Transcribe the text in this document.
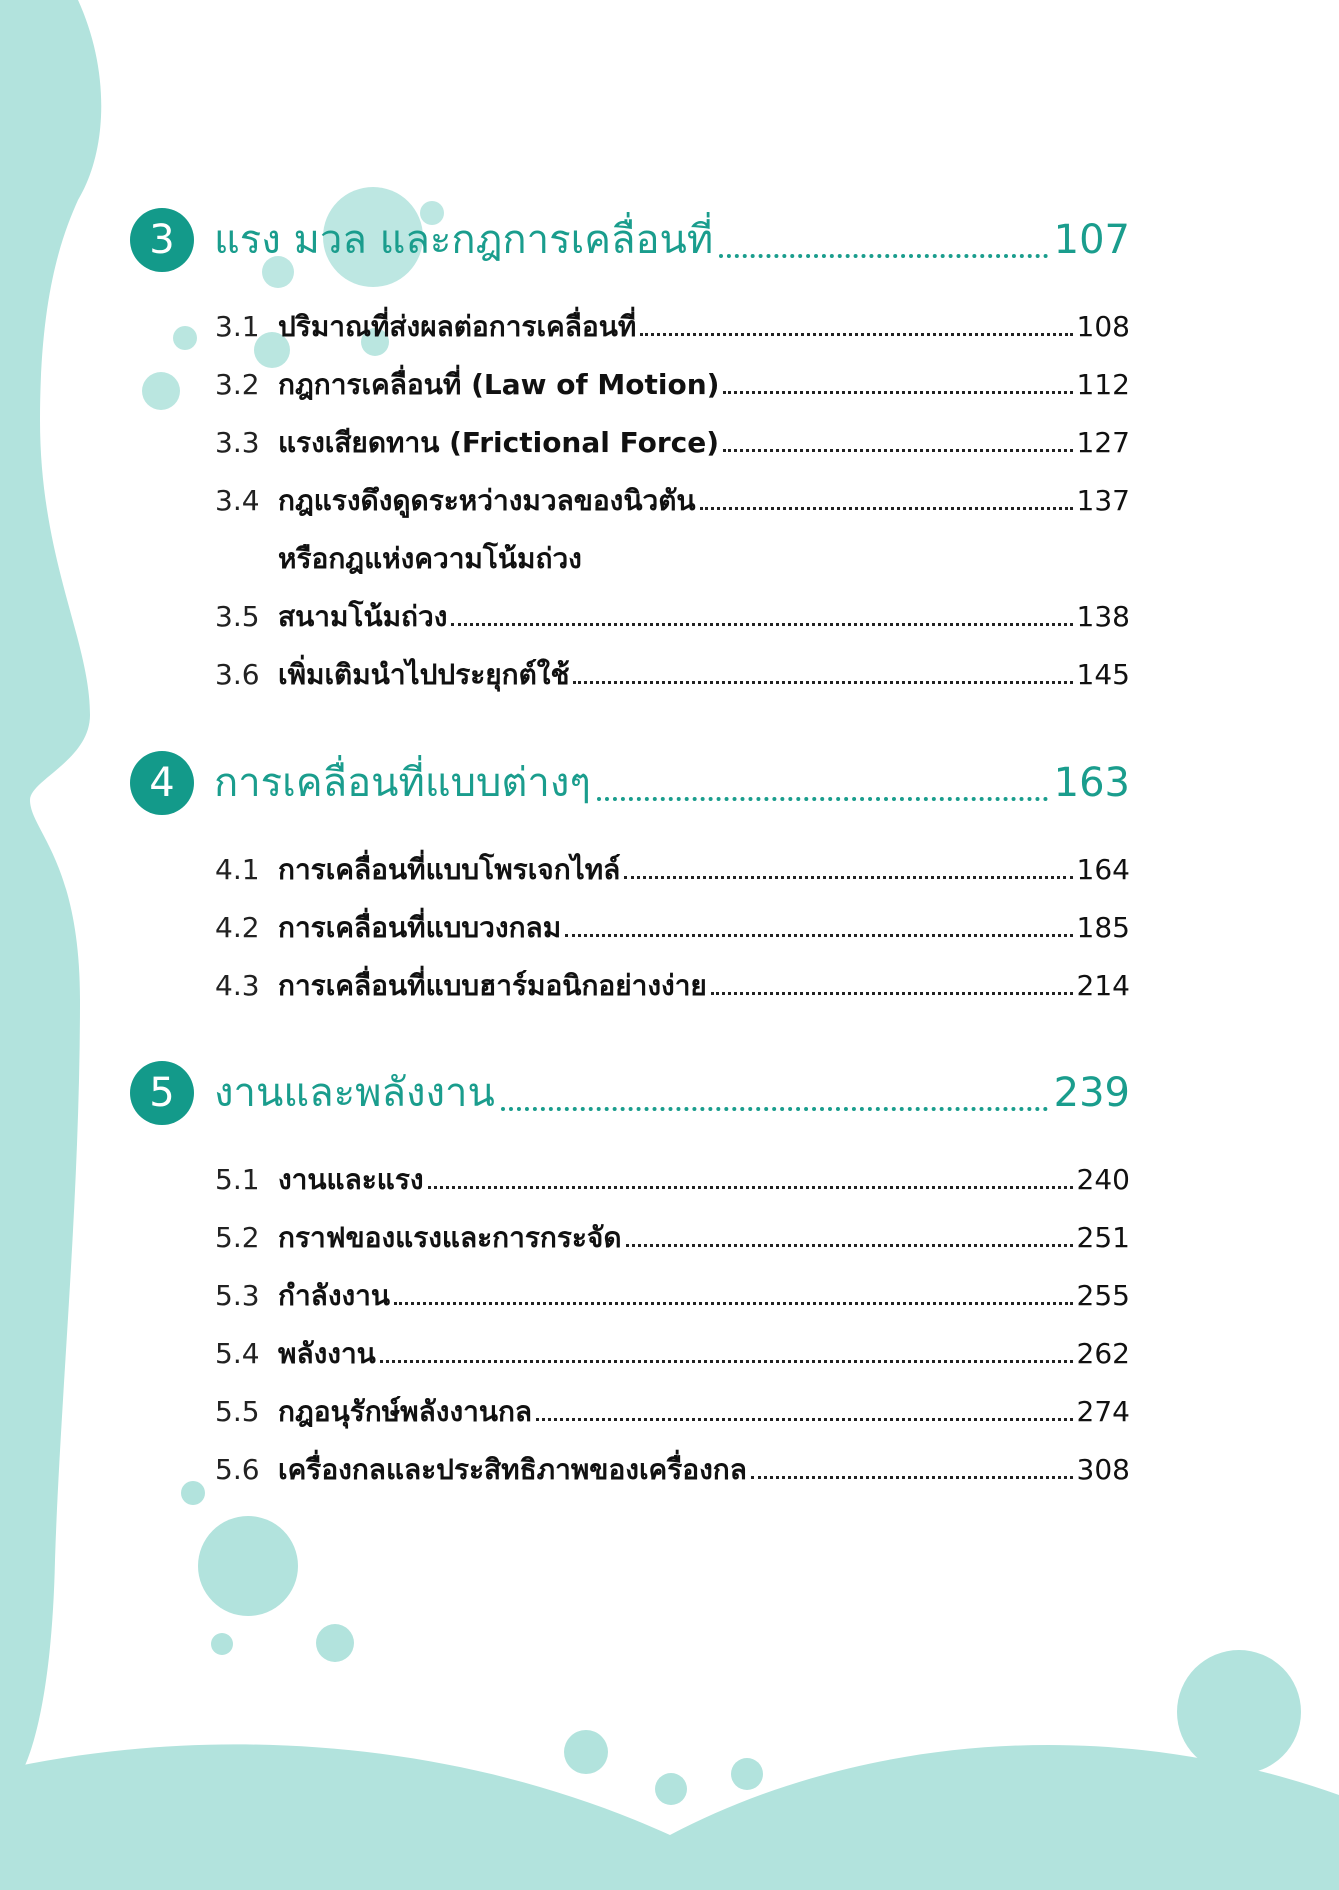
3 แรง มวล และกฎการเคลื่อนที่	107
3.1 ปริมาณที่ส่งผลต่อการเคลื่อนที่	108
3.2 กฎการเคลื่อนที่ (Law of Motion)	112
3.3 แรงเสียดทาน (Frictional Force)	127
3.4 กฎแรงดึงดูดระหว่างมวลของนิวตัน	137
หรือกฎแห่งความโน้มถ่วง
3.5 สนามโน้มถ่วง	138
3.6 เพิ่มเติมนำไปประยุกต์ใช้	145
4 การเคลื่อนที่แบบต่างๆ	163
4.1 การเคลื่อนที่แบบโพรเจกไทล์	164
4.2 การเคลื่อนที่แบบวงกลม	185
4.3 การเคลื่อนที่แบบฮาร์มอนิกอย่างง่าย	214
5 งานและพลังงาน	239
5.1 งานและแรง	240
5.2 กราฟของแรงและการกระจัด	251
5.3 กำลังงาน	255
5.4 พลังงาน	262
5.5 กฎอนุรักษ์พลังงานกล	274
5.6 เครื่องกลและประสิทธิภาพของเครื่องกล	308
